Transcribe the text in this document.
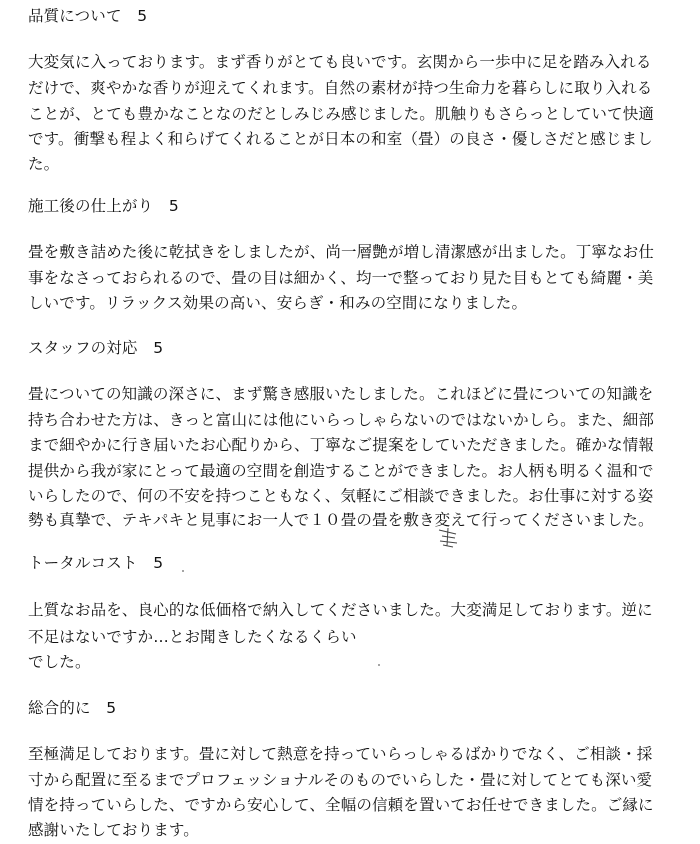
品質について　5
大変気に入っております。まず香りがとても良いです。玄関から一歩中に足を踏み入れる
だけで、爽やかな香りが迎えてくれます。自然の素材が持つ生命力を暮らしに取り入れる
ことが、とても豊かなことなのだとしみじみ感じました。肌触りもさらっとしていて快適
です。衝撃も程よく和らげてくれることが日本の和室（畳）の良さ・優しさだと感じまし
た。
施工後の仕上がり　5
畳を敷き詰めた後に乾拭きをしましたが、尚一層艶が増し清潔感が出ました。丁寧なお仕
事をなさっておられるので、畳の目は細かく、均一で整っており見た目もとても綺麗・美
しいです。リラックス効果の高い、安らぎ・和みの空間になりました。
スタッフの対応　5
畳についての知識の深さに、まず驚き感服いたしました。これほどに畳についての知識を
持ち合わせた方は、きっと富山には他にいらっしゃらないのではないかしら。また、細部
まで細やかに行き届いたお心配りから、丁寧なご提案をしていただきました。確かな情報
提供から我が家にとって最適の空間を創造することができました。お人柄も明るく温和で
いらしたので、何の不安を持つこともなく、気軽にご相談できました。お仕事に対する姿
勢も真摯で、テキパキと見事にお一人で１０畳の畳を敷き変えて行ってくださいました。
トータルコスト　5
上質なお品を、良心的な低価格で納入してくださいました。大変満足しております。逆に
不足はないですか…とお聞きしたくなるくらい
でした。
総合的に　5
至極満足しております。畳に対して熱意を持っていらっしゃるばかりでなく、ご相談・採
寸から配置に至るまでプロフェッショナルそのものでいらした・畳に対してとても深い愛
情を持っていらした、ですから安心して、全幅の信頼を置いてお任せできました。ご縁に
感謝いたしております。
